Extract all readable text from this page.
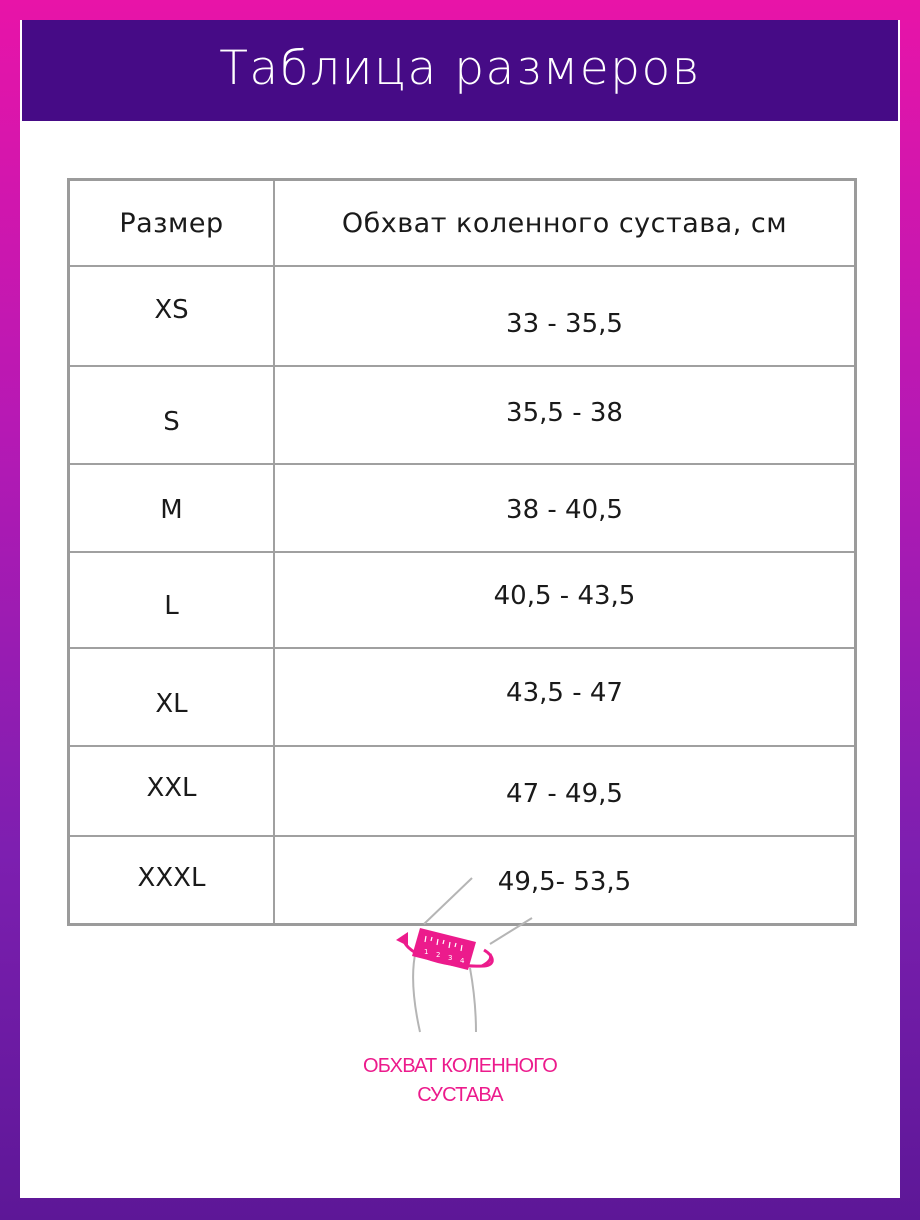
Таблица размеров
Размер	Обхват коленного сустава, см
XS	33 - 35,5
S	35,5 - 38
M	38 - 40,5
L	40,5 - 43,5
XL	43,5 - 47
XXL	47 - 49,5
XXXL	49,5- 53,5
1 2 3 4
ОБХВАТ КОЛЕННОГО
СУСТАВА
